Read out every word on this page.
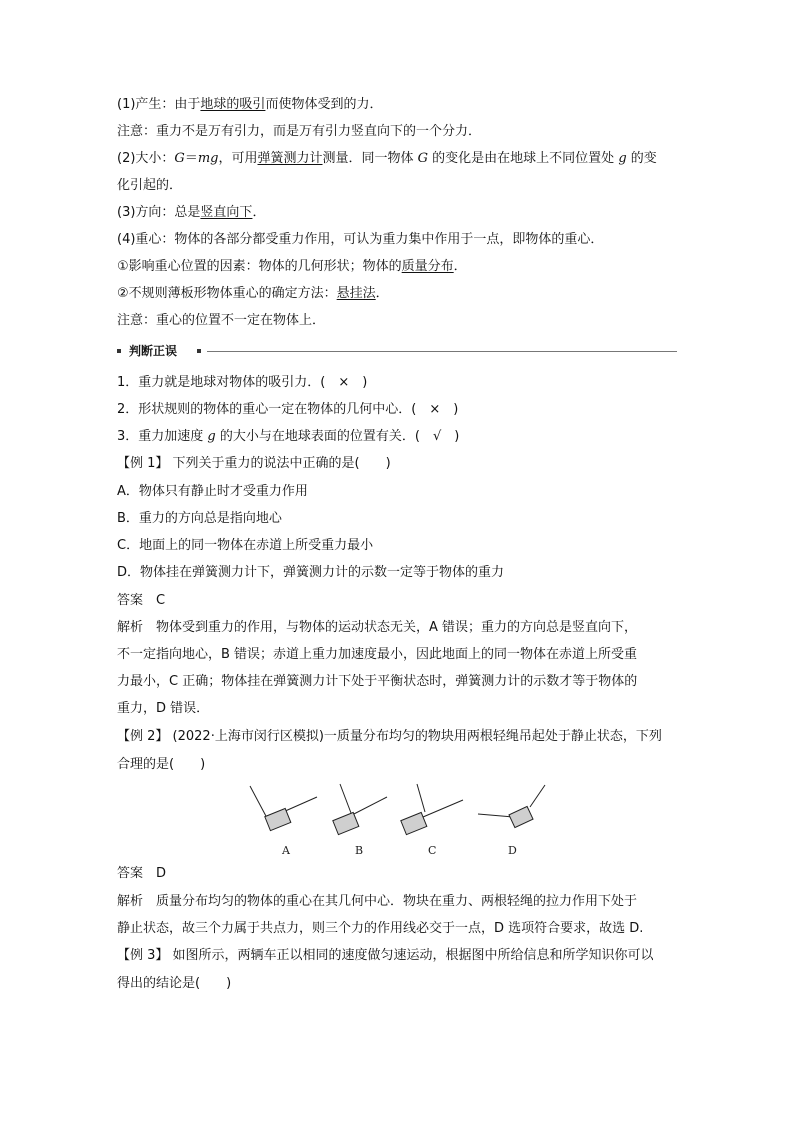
(1)产生：由于地球的吸引而使物体受到的力．
注意：重力不是万有引力，而是万有引力竖直向下的一个分力．
(2)大小：G＝mg，可用弹簧测力计测量．同一物体 G 的变化是由在地球上不同位置处 g 的变
化引起的．
(3)方向：总是竖直向下．
(4)重心：物体的各部分都受重力作用，可认为重力集中作用于一点，即物体的重心．
①影响重心位置的因素：物体的几何形状；物体的质量分布．
②不规则薄板形物体重心的确定方法：悬挂法．
注意：重心的位置不一定在物体上．
判断正误
1．重力就是地球对物体的吸引力．(　×　)
2．形状规则的物体的重心一定在物体的几何中心．(　×　)
3．重力加速度 g 的大小与在地球表面的位置有关．(　√　)
【例 1】 下列关于重力的说法中正确的是(　　)
A．物体只有静止时才受重力作用
B．重力的方向总是指向地心
C．地面上的同一物体在赤道上所受重力最小
D．物体挂在弹簧测力计下，弹簧测力计的示数一定等于物体的重力
答案　C
解析　物体受到重力的作用，与物体的运动状态无关，A 错误；重力的方向总是竖直向下，
不一定指向地心，B 错误；赤道上重力加速度最小，因此地面上的同一物体在赤道上所受重
力最小，C 正确；物体挂在弹簧测力计下处于平衡状态时，弹簧测力计的示数才等于物体的
重力，D 错误．
【例 2】 (2022·上海市闵行区模拟)一质量分布均匀的物块用两根轻绳吊起处于静止状态，下列
合理的是(　　)
A	B	C	D
答案　D
解析　质量分布均匀的物体的重心在其几何中心．物块在重力、两根轻绳的拉力作用下处于
静止状态，故三个力属于共点力，则三个力的作用线必交于一点，D 选项符合要求，故选 D.
【例 3】 如图所示，两辆车正以相同的速度做匀速运动，根据图中所给信息和所学知识你可以
得出的结论是(　　)
